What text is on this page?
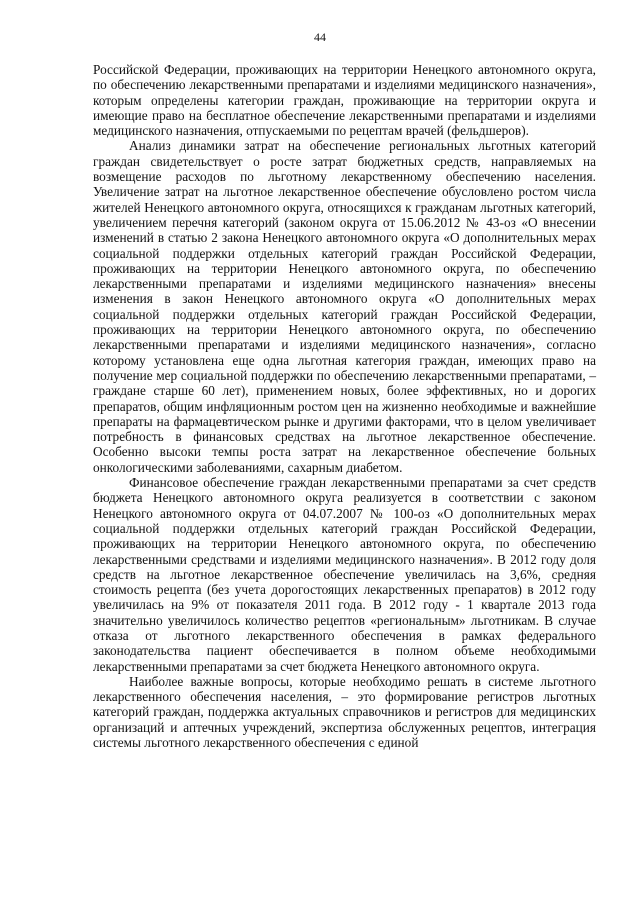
44

Российской Федерации, проживающих на территории Ненецкого автономного округа, по обеспечению лекарственными препаратами и изделиями медицинского назначения», которым определены категории граждан, проживающие на территории округа и имеющие право на бесплатное обеспечение лекарственными препаратами и изделиями медицинского назначения, отпускаемыми по рецептам врачей (фельдшеров).

Анализ динамики затрат на обеспечение региональных льготных категорий граждан свидетельствует о росте затрат бюджетных средств, направляемых на возмещение расходов по льготному лекарственному обеспечению населения. Увеличение затрат на льготное лекарственное обеспечение обусловлено ростом числа жителей Ненецкого автономного округа, относящихся к гражданам льготных категорий, увеличением перечня категорий (законом округа от 15.06.2012 № 43-оз «О внесении изменений в статью 2 закона Ненецкого автономного округа «О дополнительных мерах социальной поддержки отдельных категорий граждан Российской Федерации, проживающих на территории Ненецкого автономного округа, по обеспечению лекарственными препаратами и изделиями медицинского назначения» внесены изменения в закон Ненецкого автономного округа «О дополнительных мерах социальной поддержки отдельных категорий граждан Российской Федерации, проживающих на территории Ненецкого автономного округа, по обеспечению лекарственными препаратами и изделиями медицинского назначения», согласно которому установлена еще одна льготная категория граждан, имеющих право на получение мер социальной поддержки по обеспечению лекарственными препаратами, – граждане старше 60 лет), применением новых, более эффективных, но и дорогих препаратов, общим инфляционным ростом цен на жизненно необходимые и важнейшие препараты на фармацевтическом рынке и другими факторами, что в целом увеличивает потребность в финансовых средствах на льготное лекарственное обеспечение. Особенно высоки темпы роста затрат на лекарственное обеспечение больных онкологическими заболеваниями, сахарным диабетом.

Финансовое обеспечение граждан лекарственными препаратами за счет средств бюджета Ненецкого автономного округа реализуется в соответствии с законом Ненецкого автономного округа от 04.07.2007 № 100-оз «О дополнительных мерах социальной поддержки отдельных категорий граждан Российской Федерации, проживающих на территории Ненецкого автономного округа, по обеспечению лекарственными средствами и изделиями медицинского назначения». В 2012 году доля средств на льготное лекарственное обеспечение увеличилась на 3,6%, средняя стоимость рецепта (без учета дорогостоящих лекарственных препаратов) в 2012 году увеличилась на 9% от показателя 2011 года. В 2012 году - 1 квартале 2013 года значительно увеличилось количество рецептов «региональным» льготникам. В случае отказа от льготного лекарственного обеспечения в рамках федерального законодательства пациент обеспечивается в полном объеме необходимыми лекарственными препаратами за счет бюджета Ненецкого автономного округа.

Наиболее важные вопросы, которые необходимо решать в системе льготного лекарственного обеспечения населения, – это формирование регистров льготных категорий граждан, поддержка актуальных справочников и регистров для медицинских организаций и аптечных учреждений, экспертиза обслуженных рецептов, интеграция системы льготного лекарственного обеспечения с единой
